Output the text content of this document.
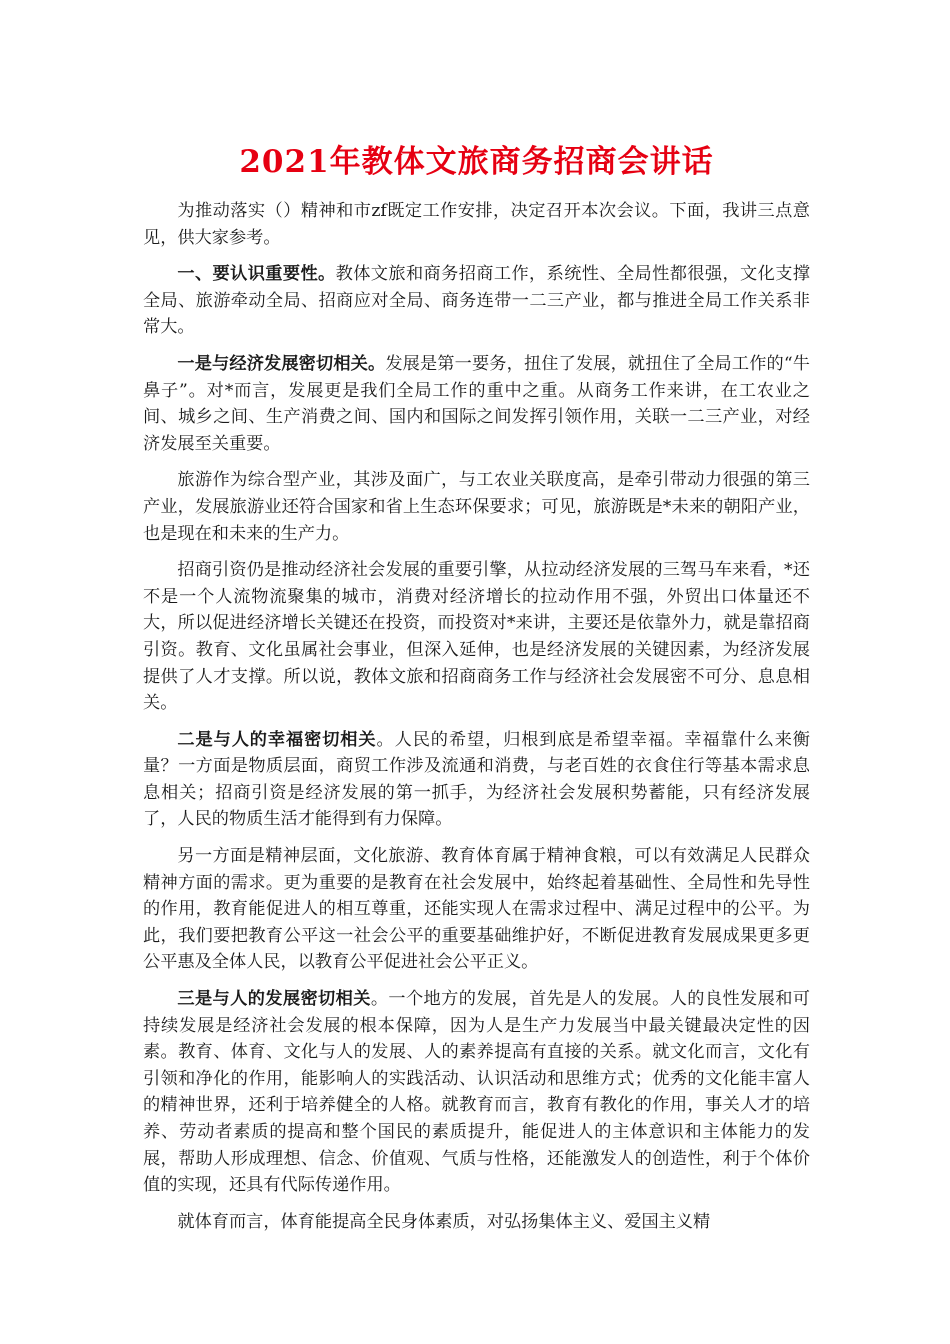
2021年教体文旅商务招商会讲话

为推动落实（）精神和市zf既定工作安排，决定召开本次会议。下面，我讲三点意见，供大家参考。

一、要认识重要性。教体文旅和商务招商工作，系统性、全局性都很强，文化支撑全局、旅游牵动全局、招商应对全局、商务连带一二三产业，都与推进全局工作关系非常大。

一是与经济发展密切相关。发展是第一要务，扭住了发展，就扭住了全局工作的“牛鼻子”。对*而言，发展更是我们全局工作的重中之重。从商务工作来讲，在工农业之间、城乡之间、生产消费之间、国内和国际之间发挥引领作用，关联一二三产业，对经济发展至关重要。

旅游作为综合型产业，其涉及面广，与工农业关联度高，是牵引带动力很强的第三产业，发展旅游业还符合国家和省上生态环保要求；可见，旅游既是*未来的朝阳产业，也是现在和未来的生产力。

招商引资仍是推动经济社会发展的重要引擎，从拉动经济发展的三驾马车来看，*还不是一个人流物流聚集的城市，消费对经济增长的拉动作用不强，外贸出口体量还不大，所以促进经济增长关键还在投资，而投资对*来讲，主要还是依靠外力，就是靠招商引资。教育、文化虽属社会事业，但深入延伸，也是经济发展的关键因素，为经济发展提供了人才支撑。所以说，教体文旅和招商商务工作与经济社会发展密不可分、息息相关。

二是与人的幸福密切相关。人民的希望，归根到底是希望幸福。幸福靠什么来衡量？一方面是物质层面，商贸工作涉及流通和消费，与老百姓的衣食住行等基本需求息息相关；招商引资是经济发展的第一抓手，为经济社会发展积势蓄能，只有经济发展了，人民的物质生活才能得到有力保障。

另一方面是精神层面，文化旅游、教育体育属于精神食粮，可以有效满足人民群众精神方面的需求。更为重要的是教育在社会发展中，始终起着基础性、全局性和先导性的作用，教育能促进人的相互尊重，还能实现人在需求过程中、满足过程中的公平。为此，我们要把教育公平这一社会公平的重要基础维护好，不断促进教育发展成果更多更公平惠及全体人民，以教育公平促进社会公平正义。

三是与人的发展密切相关。一个地方的发展，首先是人的发展。人的良性发展和可持续发展是经济社会发展的根本保障，因为人是生产力发展当中最关键最决定性的因素。教育、体育、文化与人的发展、人的素养提高有直接的关系。就文化而言，文化有引领和净化的作用，能影响人的实践活动、认识活动和思维方式；优秀的文化能丰富人的精神世界，还利于培养健全的人格。就教育而言，教育有教化的作用，事关人才的培养、劳动者素质的提高和整个国民的素质提升，能促进人的主体意识和主体能力的发展，帮助人形成理想、信念、价值观、气质与性格，还能激发人的创造性，利于个体价值的实现，还具有代际传递作用。

就体育而言，体育能提高全民身体素质，对弘扬集体主义、爱国主义精
